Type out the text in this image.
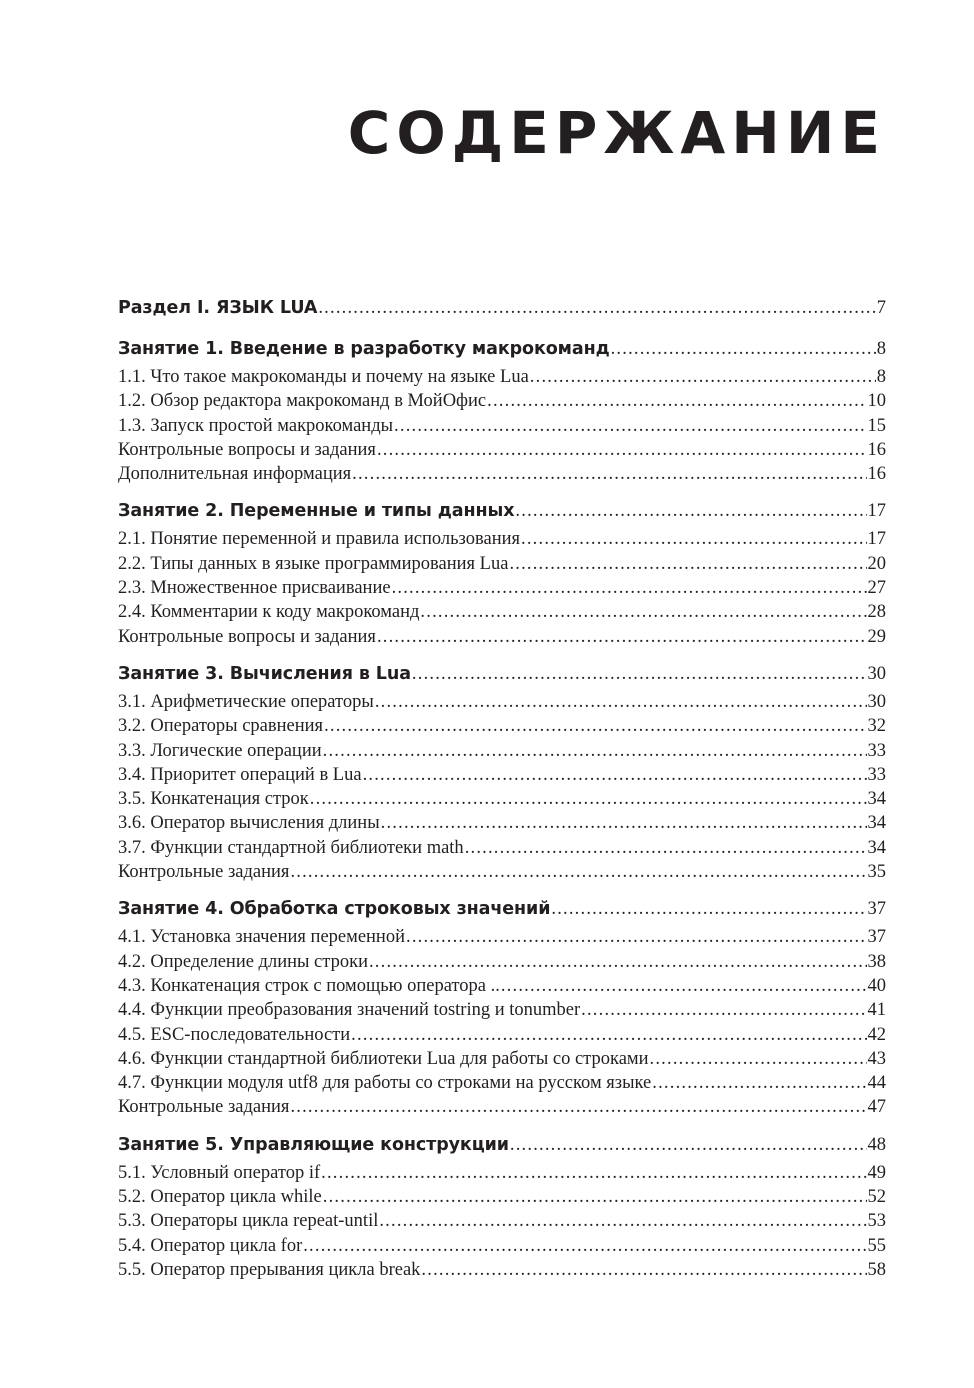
СОДЕРЖАНИЕ
Раздел I. ЯЗЫК LUA .....	7
Занятие 1. Введение в разработку макрокоманд .....	8
1.1. Что такое макрокоманды и почему на языке Lua .....	8
1.2. Обзор редактора макрокоманд в МойОфис .....	10
1.3. Запуск простой макрокоманды .....	15
Контрольные вопросы и задания .....	16
Дополнительная информация .....	16
Занятие 2. Переменные и типы данных .....	17
2.1. Понятие переменной и правила использования .....	17
2.2. Типы данных в языке программирования Lua .....	20
2.3. Множественное присваивание .....	27
2.4. Комментарии к коду макрокоманд .....	28
Контрольные вопросы и задания .....	29
Занятие 3. Вычисления в Lua .....	30
3.1. Арифметические операторы .....	30
3.2. Операторы сравнения .....	32
3.3. Логические операции .....	33
3.4. Приоритет операций в Lua .....	33
3.5. Конкатенация строк .....	34
3.6. Оператор вычисления длины .....	34
3.7. Функции стандартной библиотеки math .....	34
Контрольные задания .....	35
Занятие 4. Обработка строковых значений .....	37
4.1. Установка значения переменной .....	37
4.2. Определение длины строки .....	38
4.3. Конкатенация строк с помощью оператора .. .....	40
4.4. Функции преобразования значений tostring и tonumber .....	41
4.5. ESC-последовательности .....	42
4.6. Функции стандартной библиотеки Lua для работы со строками .....	43
4.7. Функции модуля utf8 для работы со строками на русском языке .....	44
Контрольные задания .....	47
Занятие 5. Управляющие конструкции .....	48
5.1. Условный оператор if .....	49
5.2. Оператор цикла while .....	52
5.3. Операторы цикла repeat-until .....	53
5.4. Оператор цикла for .....	55
5.5. Оператор прерывания цикла break .....	58
